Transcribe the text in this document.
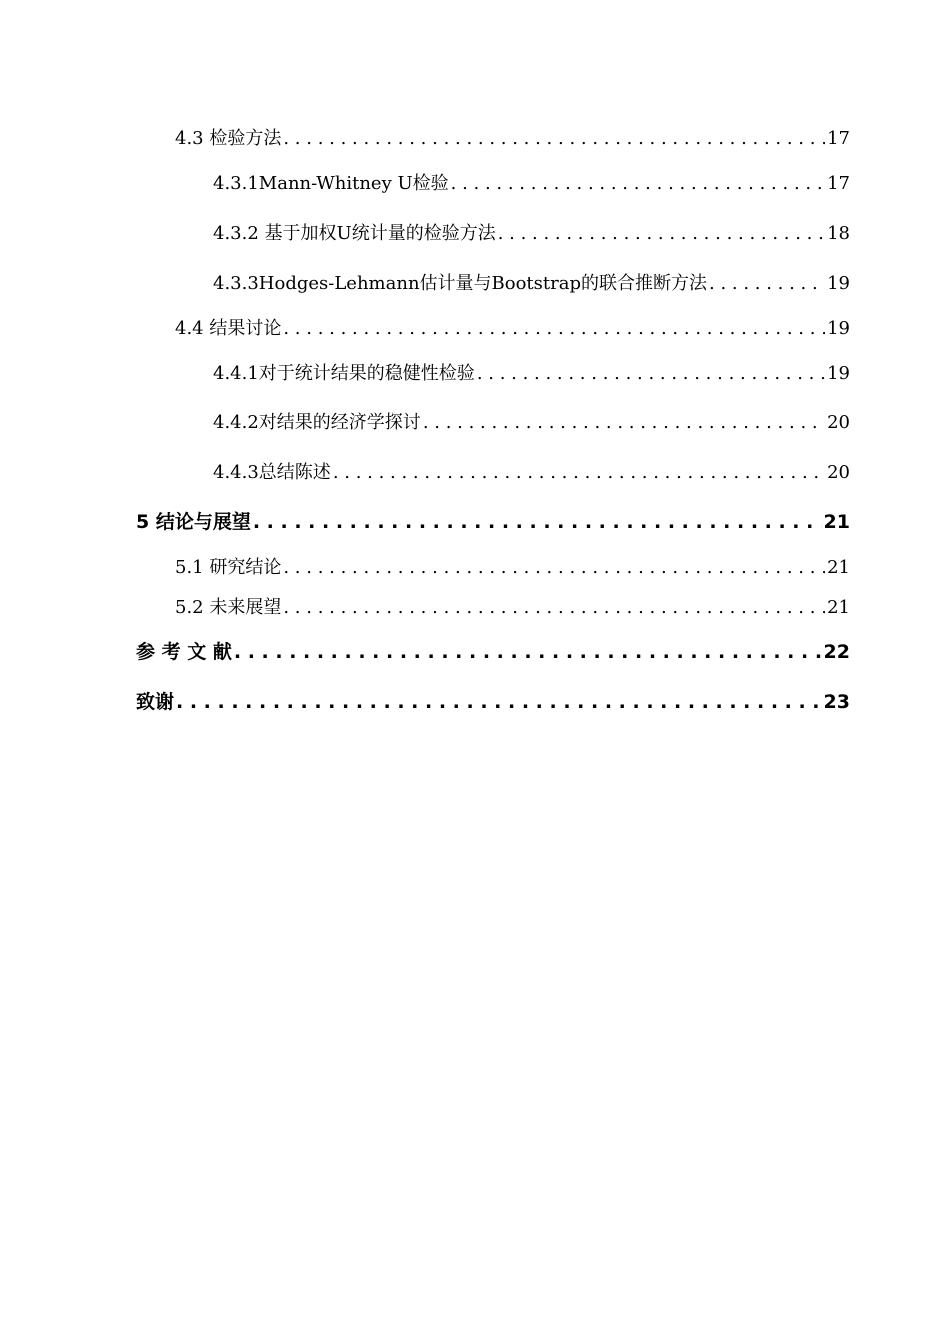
4.3 检验方法 . . .	17
4.3.1Mann-Whitney U检验 . . .	17
4.3.2 基于加权U统计量的检验方法 . . .	18
4.3.3Hodges-Lehmann估计量与Bootstrap的联合推断方法 . . .	19
4.4 结果讨论 . . .	19
4.4.1对于统计结果的稳健性检验 . . .	19
4.4.2对结果的经济学探讨 . . .	20
4.4.3总结陈述 . . .	20
5 结论与展望 . . .	21
5.1 研究结论 . . .	21
5.2 未来展望 . . .	21
参 考 文 献 . . .	22
致谢 . . .	23
